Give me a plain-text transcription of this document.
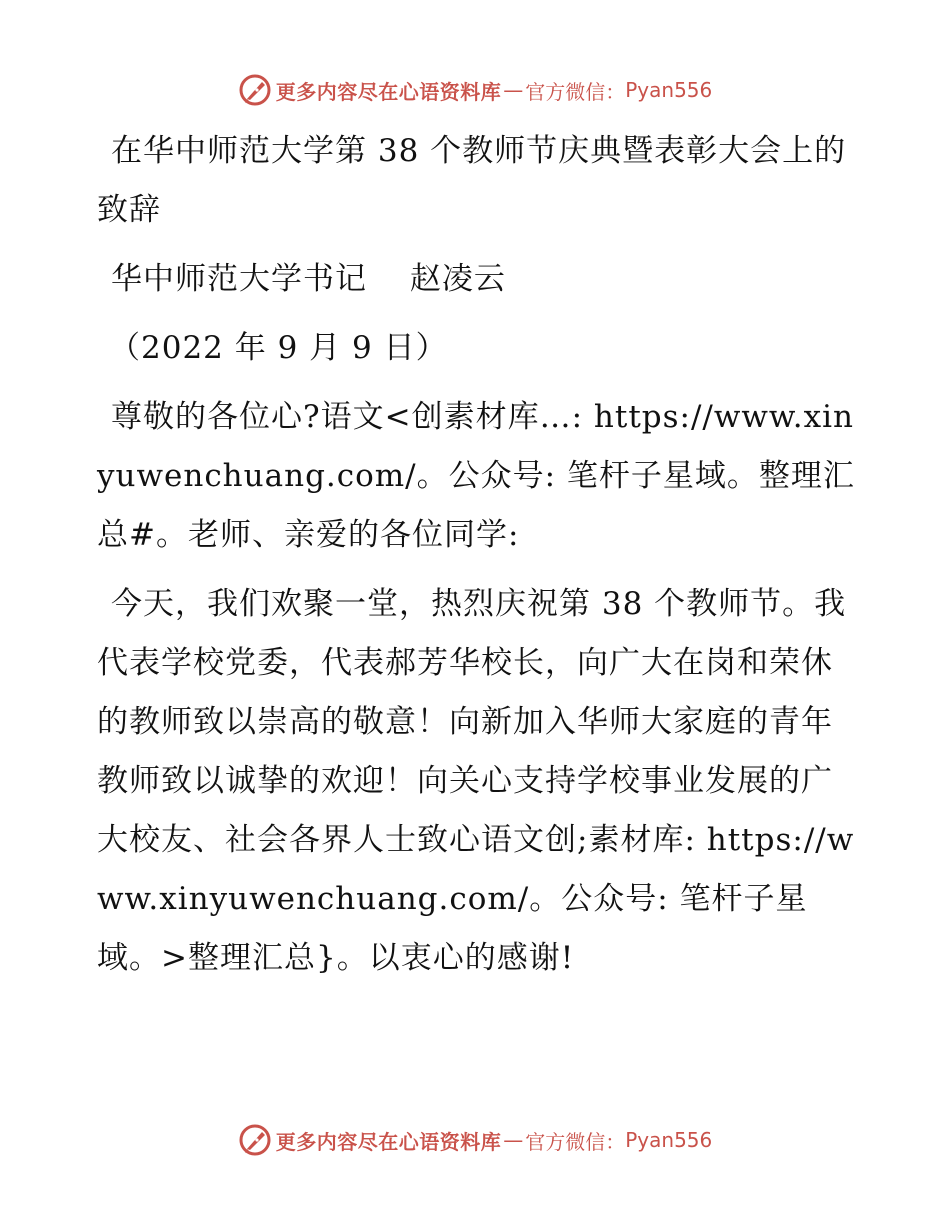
更多内容尽在心语资料库 — 官方微信： Pyan556

在华中师范大学第 38 个教师节庆典暨表彰大会上的致辞

华中师范大学书记　 赵凌云

（2022 年 9 月 9 日）

尊敬的各位心?语文<创素材库…: https://www.xinyuwenchuang.com/。公众号: 笔杆子星域。整理汇总#。老师、亲爱的各位同学:

今天，我们欢聚一堂，热烈庆祝第 38 个教师节。我代表学校党委，代表郝芳华校长，向广大在岗和荣休的教师致以崇高的敬意！向新加入华师大家庭的青年教师致以诚挚的欢迎！向关心支持学校事业发展的广大校友、社会各界人士致心语文创;素材库: https://www.xinyuwenchuang.com/。公众号: 笔杆子星域。>整理汇总}。以衷心的感谢!

更多内容尽在心语资料库 — 官方微信： Pyan556
